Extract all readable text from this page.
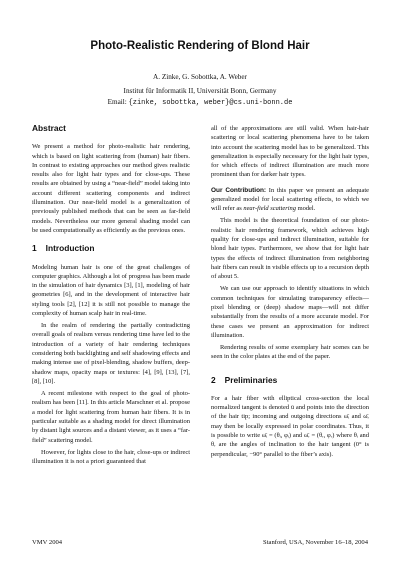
Photo-Realistic Rendering of Blond Hair
A. Zinke, G. Sobottka, A. Weber
Institut für Informatik II, Universität Bonn, Germany
Email: {zinke, sobottka, weber}@cs.uni-bonn.de
Abstract

We present a method for photo-realistic hair rendering, which is based on light scattering from (human) hair fibers. In contrast to existing approaches our method gives realistic results also for light hair types and for close-ups. These results are obtained by using a “near-field” model taking into account different scattering components and indirect illumination. Our near-field model is a generalization of previously published methods that can be seen as far-field models. Nevertheless our more general shading model can be used computationally as efficiently as the previous ones.

1 Introduction

Modeling human hair is one of the great challenges of computer graphics. Although a lot of progress has been made in the simulation of hair dynamics [3], [1], modeling of hair geometries [6], and in the development of interactive hair styling tools [2], [12] it is still not possible to manage the complexity of human scalp hair in real-time.

In the realm of rendering the partially contradicting overall goals of realism versus rendering time have led to the introduction of a variety of hair rendering techniques considering both backlighting and self shadowing effects and making intense use of pixel-blending, shadow buffers, deep-shadow maps, opacity maps or textures: [4], [9], [13], [7], [8], [10].

A recent milestone with respect to the goal of photo-realism has been [11]. In this article Marschner et al. propose a model for light scattering from human hair fibers. It is in particular suitable as a shading model for direct illumination by distant light sources and a distant viewer, as it uses a “far-field” scattering model.

However, for lights close to the hair, close-ups or indirect illumination it is not a priori guaranteed that

all of the approximations are still valid. When hair-hair scattering or local scattering phenomena have to be taken into account the scattering model has to be generalized. This generalization is especially necessary for the light hair types, for which effects of indirect illumination are much more prominent than for darker hair types.

Our Contribution: In this paper we present an adequate generalized model for local scattering effects, to which we will refer as near-field scattering model.

This model is the theoretical foundation of our photo-realistic hair rendering framework, which achieves high quality for close-ups and indirect illumination, suitable for blond hair types. Furthermore, we show that for light hair types the effects of indirect illumination from neighboring hair fibers can result in visible effects up to a recursion depth of about 5.

We can use our approach to identify situations in which common techniques for simulating transparency effects—pixel blending or (deep) shadow maps—will not differ substantially from the results of a more accurate model. For these cases we present an approximation for indirect illumination.

Rendering results of some exemplary hair scenes can be seen in the color plates at the end of the paper.

2 Preliminaries

For a hair fiber with elliptical cross-section the local normalized tangent is denoted ū and points into the direction of the hair tip; incoming and outgoing directions ω̄ᵢ and ω̄ᵣ may then be locally expressed in polar coordinates. Thus, it is possible to write ω̄ᵢ = (θᵢ, φᵢ) and ω̄ᵣ = (θᵣ, φᵣ) where θᵢ and θᵣ are the angles of inclination to the hair tangent (0° is perpendicular, −90° parallel to the fiber’s axis).

VMV 2004	Stanford, USA, November 16–18, 2004
